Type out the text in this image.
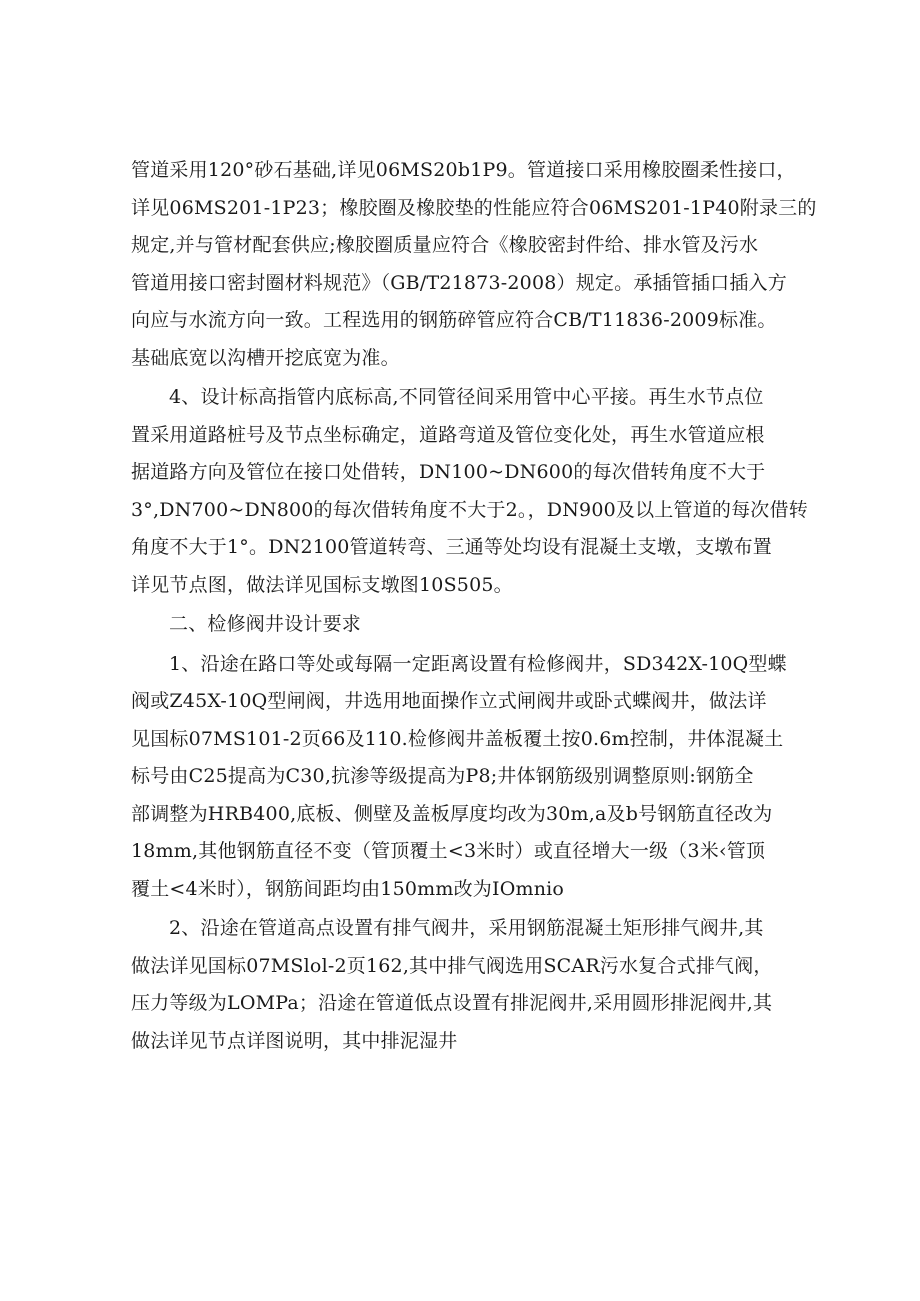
管道采用120°砂石基础,详见06MS20b1P9。管道接口采用橡胶圈柔性接口，
详见06MS201-1P23；橡胶圈及橡胶垫的性能应符合06MS201-1P40附录三的
规定,并与管材配套供应;橡胶圈质量应符合《橡胶密封件给、排水管及污水
管道用接口密封圈材料规范》（GB/T21873-2008）规定。承插管插口插入方
向应与水流方向一致。工程选用的钢筋碎管应符合CB/T11836-2009标准。
基础底宽以沟槽开挖底宽为准。
4、设计标高指管内底标高,不同管径间采用管中心平接。再生水节点位
置采用道路桩号及节点坐标确定，道路弯道及管位变化处，再生水管道应根
据道路方向及管位在接口处借转，DN100~DN600的每次借转角度不大于
3°,DN700~DN800的每次借转角度不大于2。，DN900及以上管道的每次借转
角度不大于1°。DN2100管道转弯、三通等处均设有混凝土支墩，支墩布置
详见节点图，做法详见国标支墩图10S505。
二、检修阀井设计要求
1、沿途在路口等处或每隔一定距离设置有检修阀井，SD342X-10Q型蝶
阀或Z45X-10Q型闸阀，井选用地面操作立式闸阀井或卧式蝶阀井，做法详
见国标07MS101-2页66及110.检修阀井盖板覆土按0.6m控制，井体混凝土
标号由C25提高为C30,抗渗等级提高为P8;井体钢筋级别调整原则:钢筋全
部调整为HRB400,底板、侧壁及盖板厚度均改为30m,a及b号钢筋直径改为
18mm,其他钢筋直径不变（管顶覆土<3米时）或直径增大一级（3米‹管顶
覆土<4米时），钢筋间距均由150mm改为IOmnio
2、沿途在管道高点设置有排气阀井，采用钢筋混凝土矩形排气阀井,其
做法详见国标07MSlol-2页162,其中排气阀选用SCAR污水复合式排气阀，
压力等级为LOMPa；沿途在管道低点设置有排泥阀井,采用圆形排泥阀井,其
做法详见节点详图说明，其中排泥湿井
